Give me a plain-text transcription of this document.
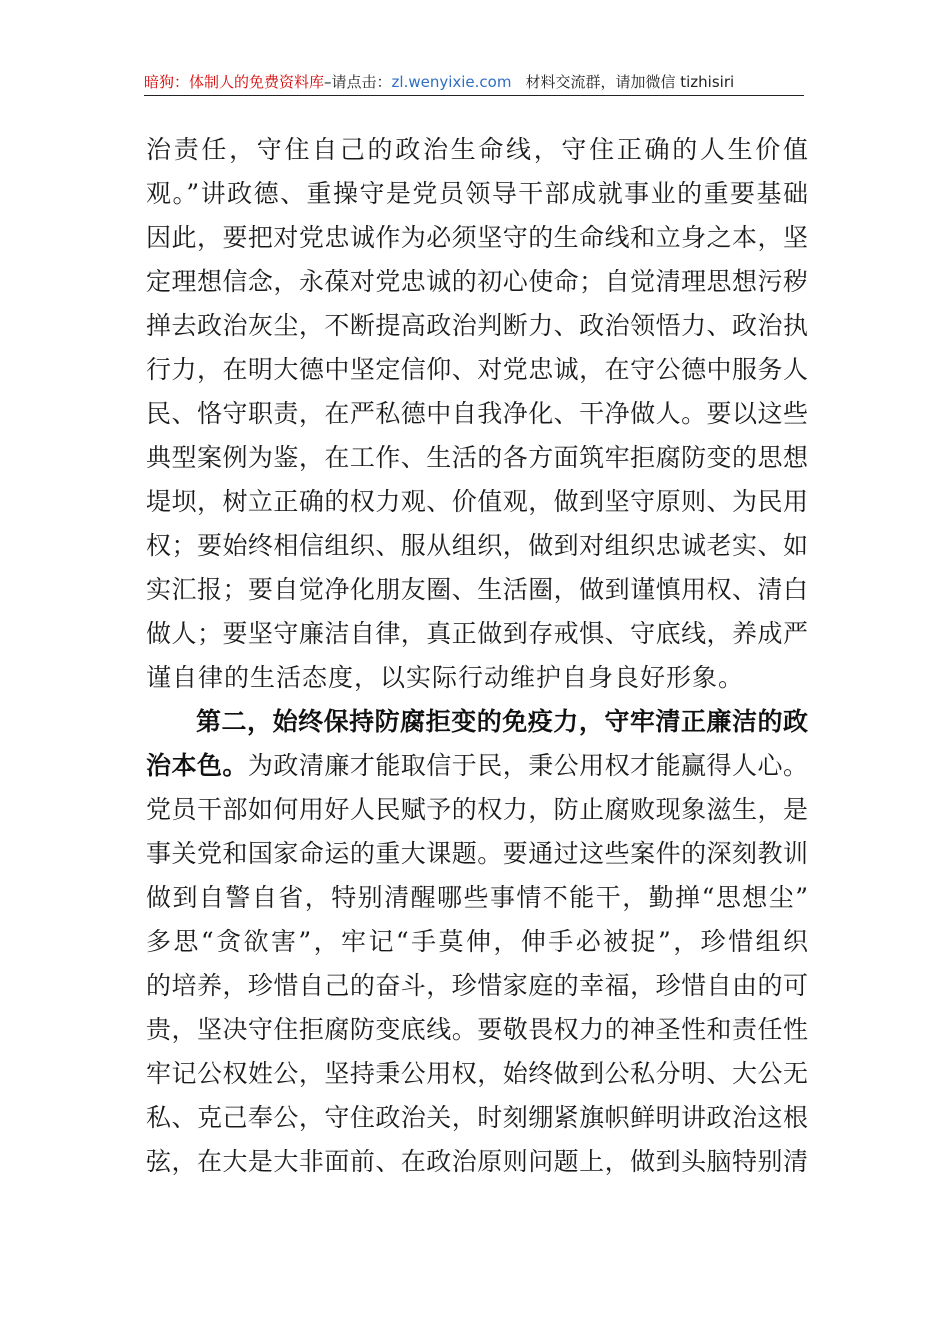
暗狗：体制人的免费资料库–请点击：zl.wenyixie.com 材料交流群，请加微信 tizhisiri
治责任，守住自己的政治生命线，守住正确的人生价值
观。”讲政德、重操守是党员领导干部成就事业的重要基础
因此，要把对党忠诚作为必须坚守的生命线和立身之本，坚
定理想信念，永葆对党忠诚的初心使命；自觉清理思想污秽
掸去政治灰尘，不断提高政治判断力、政治领悟力、政治执
行力，在明大德中坚定信仰、对党忠诚，在守公德中服务人
民、恪守职责，在严私德中自我净化、干净做人。要以这些
典型案例为鉴，在工作、生活的各方面筑牢拒腐防变的思想
堤坝，树立正确的权力观、价值观，做到坚守原则、为民用
权；要始终相信组织、服从组织，做到对组织忠诚老实、如
实汇报；要自觉净化朋友圈、生活圈，做到谨慎用权、清白
做人；要坚守廉洁自律，真正做到存戒惧、守底线，养成严
谨自律的生活态度，以实际行动维护自身良好形象。
第二，始终保持防腐拒变的免疫力，守牢清正廉洁的政
治本色。为政清廉才能取信于民，秉公用权才能赢得人心。
党员干部如何用好人民赋予的权力，防止腐败现象滋生，是
事关党和国家命运的重大课题。要通过这些案件的深刻教训
做到自警自省，特别清醒哪些事情不能干，勤掸“思想尘”
多思“贪欲害”，牢记“手莫伸，伸手必被捉”，珍惜组织
的培养，珍惜自己的奋斗，珍惜家庭的幸福，珍惜自由的可
贵，坚决守住拒腐防变底线。要敬畏权力的神圣性和责任性
牢记公权姓公，坚持秉公用权，始终做到公私分明、大公无
私、克己奉公，守住政治关，时刻绷紧旗帜鲜明讲政治这根
弦，在大是大非面前、在政治原则问题上，做到头脑特别清
